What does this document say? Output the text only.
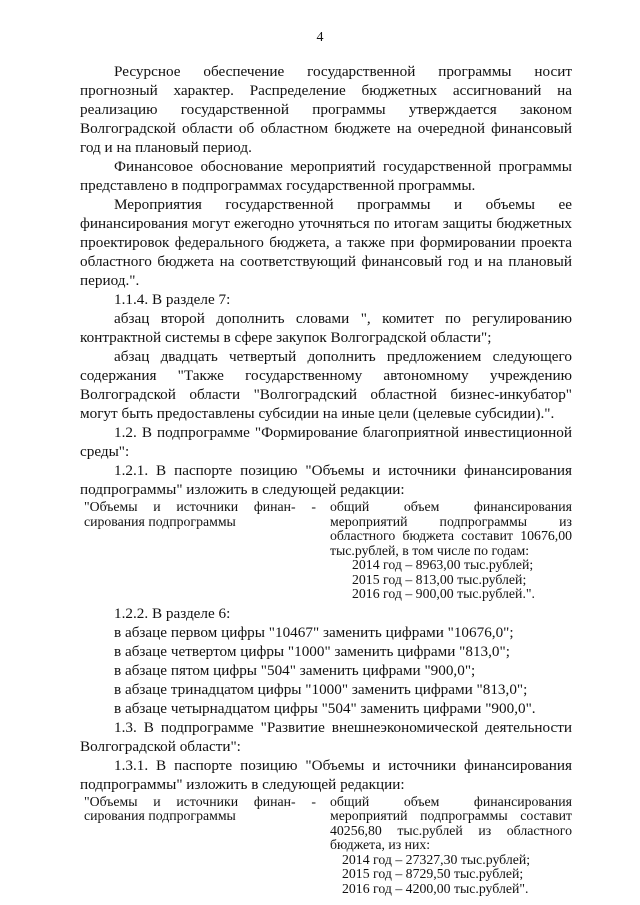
4

Ресурсное обеспечение государственной программы носит прогнозный характер. Распределение бюджетных ассигнований на реализацию государственной программы утверждается законом Волгоградской области об областном бюджете на очередной финансовый год и на плановый период.

Финансовое обоснование мероприятий государственной программы представлено в подпрограммах государственной программы.

Мероприятия государственной программы и объемы ее финансирования могут ежегодно уточняться по итогам защиты бюджетных проектировок федерального бюджета, а также при формировании проекта областного бюджета на соответствующий финансовый год и на плановый период.".

1.1.4. В разделе 7:

абзац второй дополнить словами ", комитет по регулированию контрактной системы в сфере закупок Волгоградской области";

абзац двадцать четвертый дополнить предложением следующего содержания "Также государственному автономному учреждению Волгоградской области "Волгоградский областной бизнес-инкубатор" могут быть предоставлены субсидии на иные цели (целевые субсидии).".

1.2. В подпрограмме "Формирование благоприятной инвестиционной среды":

1.2.1. В паспорте позицию "Объемы и источники финансирования подпрограммы" изложить в следующей редакции:

"Объемы и источники финан- - сирования подпрограммы
общий объем финансирования мероприятий подпрограммы из областного бюджета составит 10676,00 тыс.рублей, в том числе по годам:
2014 год – 8963,00 тыс.рублей;
2015 год – 813,00 тыс.рублей;
2016 год – 900,00 тыс.рублей.".

1.2.2. В разделе 6:

в абзаце первом цифры "10467" заменить цифрами "10676,0";

в абзаце четвертом цифры "1000" заменить цифрами "813,0";

в абзаце пятом цифры "504" заменить цифрами "900,0";

в абзаце тринадцатом цифры "1000" заменить цифрами "813,0";

в абзаце четырнадцатом цифры "504" заменить цифрами "900,0".

1.3. В подпрограмме "Развитие внешнеэкономической деятельности Волгоградской области":

1.3.1. В паспорте позицию "Объемы и источники финансирования подпрограммы" изложить в следующей редакции:

"Объемы и источники финан- - сирования подпрограммы
общий объем финансирования мероприятий подпрограммы составит 40256,80 тыс.рублей из областного бюджета, из них:
2014 год – 27327,30 тыс.рублей;
2015 год – 8729,50 тыс.рублей;
2016 год – 4200,00 тыс.рублей".
